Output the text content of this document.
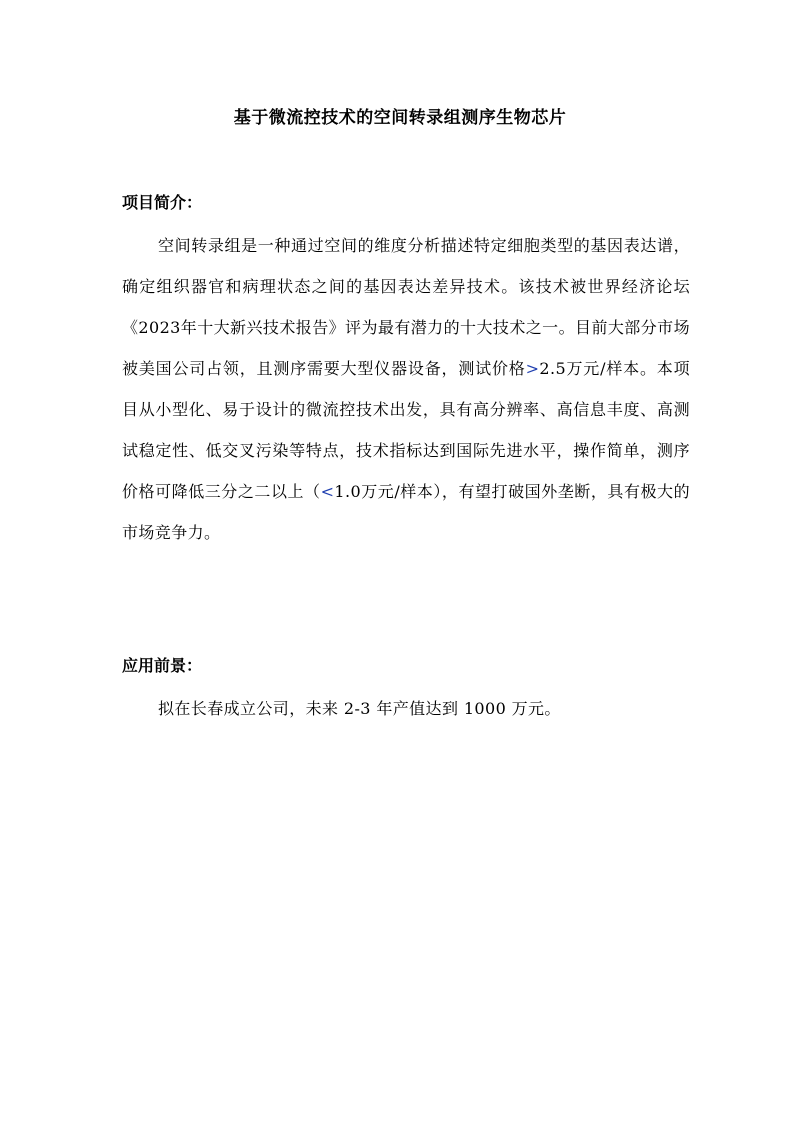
基于微流控技术的空间转录组测序生物芯片
项目简介：
空间转录组是一种通过空间的维度分析描述特定细胞类型的基因表达谱，确定组织器官和病理状态之间的基因表达差异技术。该技术被世界经济论坛《2023年十大新兴技术报告》评为最有潜力的十大技术之一。目前大部分市场被美国公司占领，且测序需要大型仪器设备，测试价格>2.5万元/样本。本项目从小型化、易于设计的微流控技术出发，具有高分辨率、高信息丰度、高测试稳定性、低交叉污染等特点，技术指标达到国际先进水平，操作简单，测序价格可降低三分之二以上（<1.0万元/样本），有望打破国外垄断，具有极大的市场竞争力。
应用前景：
拟在长春成立公司，未来 2-3 年产值达到 1000 万元。
